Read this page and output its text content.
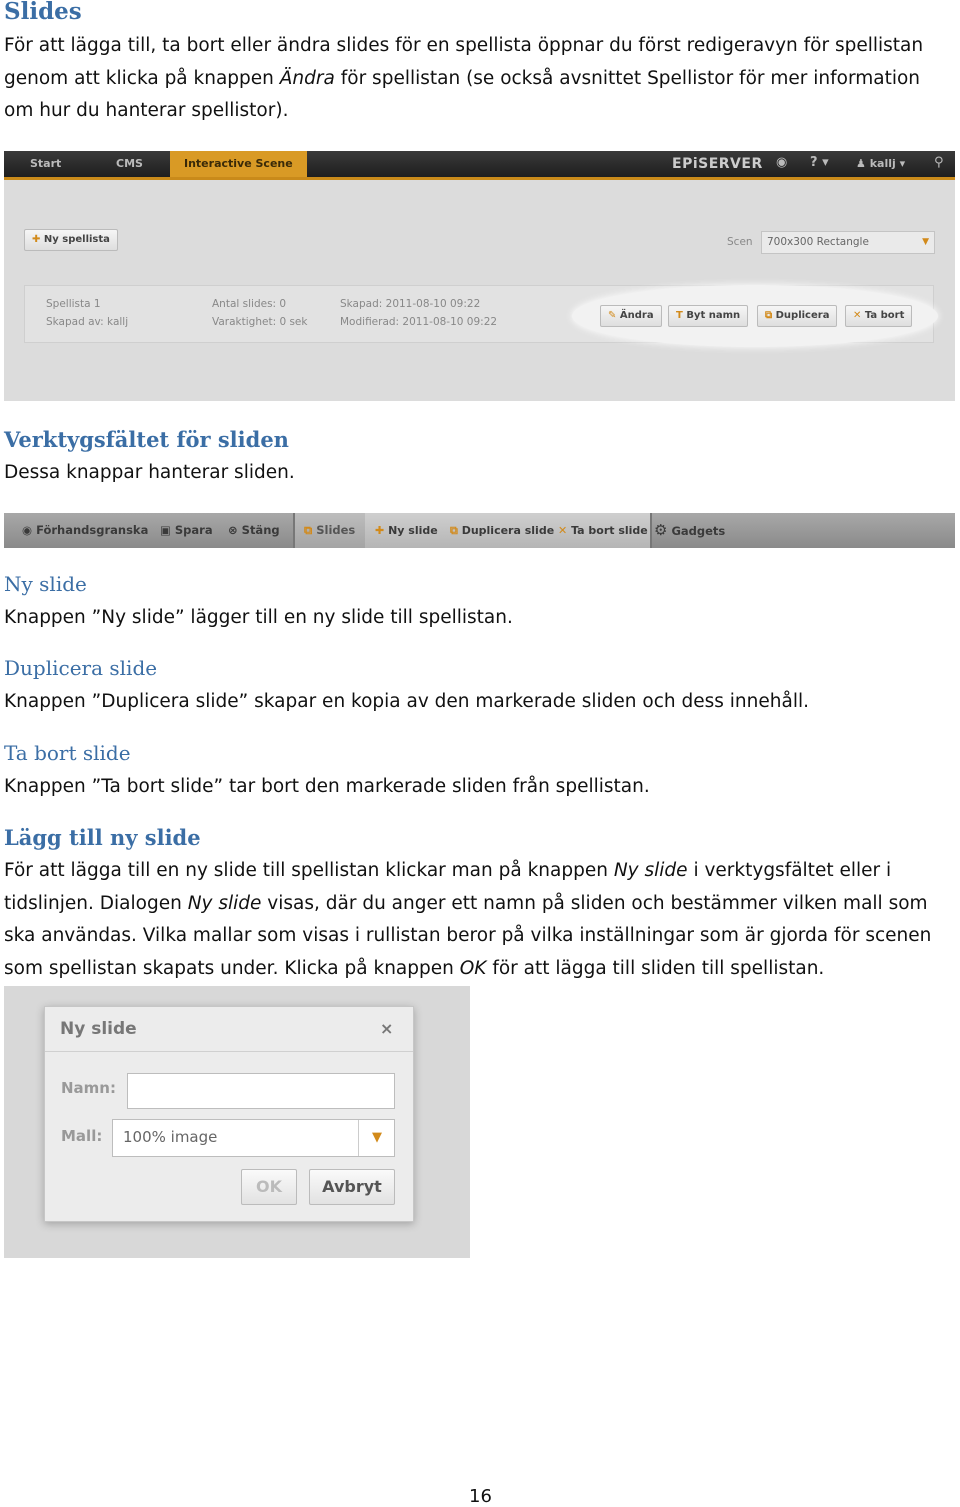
Slides
För att lägga till, ta bort eller ändra slides för en spellista öppnar du först redigeravyn för spellistan
genom att klicka på knappen Ändra för spellistan (se också avsnittet Spellistor för mer information
om hur du hanterar spellistor).
Start	CMS	Interactive Scene	EPiSERVER ◉ ? ▾ ♟ kallj ▾ ⚲
✚ Ny spellista	Scen	700x300 Rectangle	▼
Spellista 1
Skapad av: kallj
Antal slides: 0
Varaktighet: 0 sek
Skapad: 2011-08-10 09:22
Modifierad: 2011-08-10 09:22
✎ Ändra	T Byt namn	⧉ Duplicera	✕ Ta bort
Verktygsfältet för sliden
Dessa knappar hanterar sliden.
◉ Förhandsgranska ▣ Spara ⊗ Stäng ⧉ Slides ✚ Ny slide ⧉ Duplicera slide ✕ Ta bort slide ⚙ Gadgets
Ny slide
Knappen ”Ny slide” lägger till en ny slide till spellistan.
Duplicera slide
Knappen ”Duplicera slide” skapar en kopia av den markerade sliden och dess innehåll.
Ta bort slide
Knappen ”Ta bort slide” tar bort den markerade sliden från spellistan.
Lägg till ny slide
För att lägga till en ny slide till spellistan klickar man på knappen Ny slide i verktygsfältet eller i
tidslinjen. Dialogen Ny slide visas, där du anger ett namn på sliden och bestämmer vilken mall som
ska användas. Vilka mallar som visas i rullistan beror på vilka inställningar som är gjorda för scenen
som spellistan skapats under. Klicka på knappen OK för att lägga till sliden till spellistan.
Ny slide	×
Namn:
Mall: 100% image	▼
OK	Avbryt
16
